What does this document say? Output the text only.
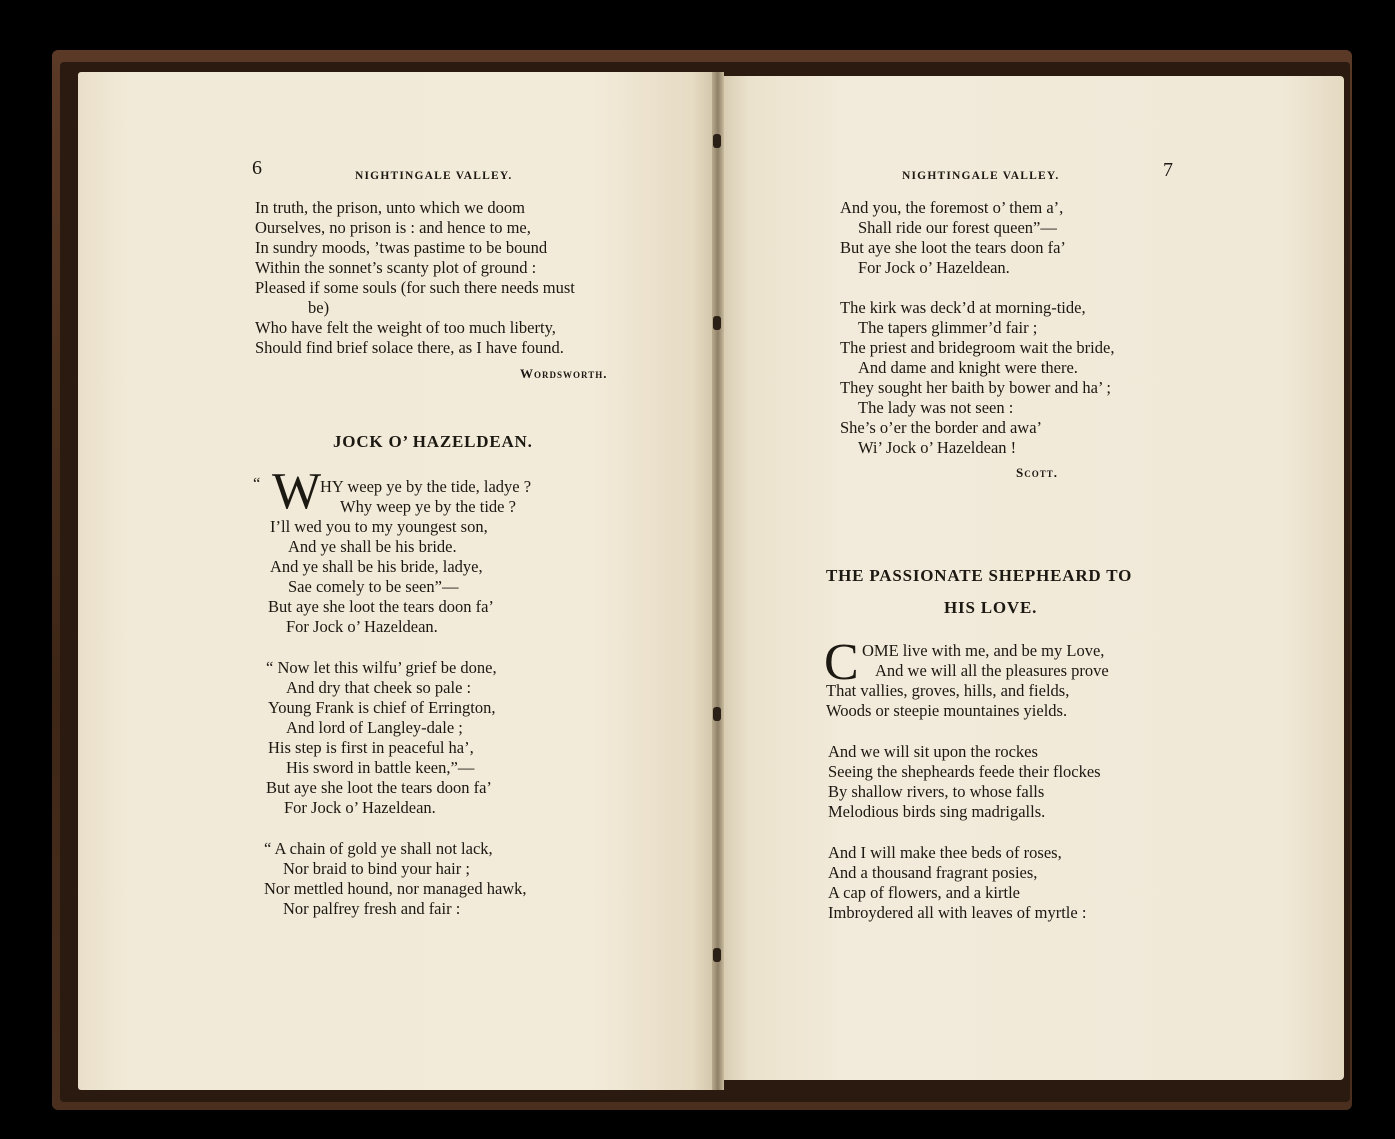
6	NIGHTINGALE VALLEY.
In truth, the prison, unto which we doom
Ourselves, no prison is : and hence to me,
In sundry moods, ’twas pastime to be bound
Within the sonnet’s scanty plot of ground :
Pleased if some souls (for such there needs must
be)
Who have felt the weight of too much liberty,
Should find brief solace there, as I have found.
Wordsworth.
JOCK O’ HAZELDEAN.
“ W
HY weep ye by the tide, ladye ?
Why weep ye by the tide ?
I’ll wed you to my youngest son,
And ye shall be his bride.
And ye shall be his bride, ladye,
Sae comely to be seen”—
But aye she loot the tears doon fa’
For Jock o’ Hazeldean.
“ Now let this wilfu’ grief be done,
And dry that cheek so pale :
Young Frank is chief of Errington,
And lord of Langley-dale ;
His step is first in peaceful ha’,
His sword in battle keen,”—
But aye she loot the tears doon fa’
For Jock o’ Hazeldean.
“ A chain of gold ye shall not lack,
Nor braid to bind your hair ;
Nor mettled hound, nor managed hawk,
Nor palfrey fresh and fair :
NIGHTINGALE VALLEY.	7
And you, the foremost o’ them a’,
Shall ride our forest queen”—
But aye she loot the tears doon fa’
For Jock o’ Hazeldean.
The kirk was deck’d at morning-tide,
The tapers glimmer’d fair ;
The priest and bridegroom wait the bride,
And dame and knight were there.
They sought her baith by bower and ha’ ;
The lady was not seen :
She’s o’er the border and awa’
Wi’ Jock o’ Hazeldean !
Scott.
THE PASSIONATE SHEPHEARD TO
HIS LOVE.
C OME live with me, and be my Love,
And we will all the pleasures prove
That vallies, groves, hills, and fields,
Woods or steepie mountaines yields.
And we will sit upon the rockes
Seeing the shepheards feede their flockes
By shallow rivers, to whose falls
Melodious birds sing madrigalls.
And I will make thee beds of roses,
And a thousand fragrant posies,
A cap of flowers, and a kirtle
Imbroydered all with leaves of myrtle :
